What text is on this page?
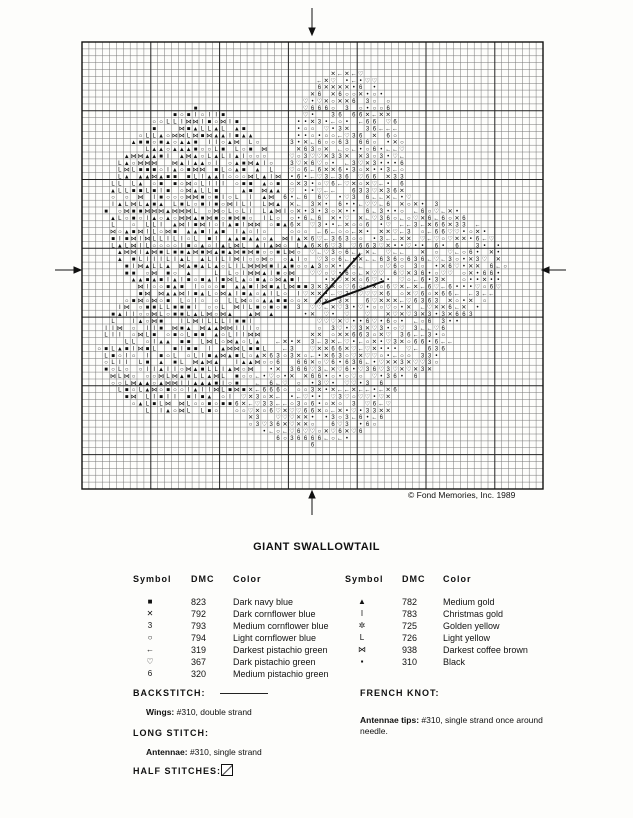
✕ ← ✕ ← ♡
← ✕ ♡ • ← • ♡ ♡
6 ✕ ✕ ✕ ✕ • 6 •
✕ 6 ✕ 6 ○ ○ ✕ • ○ •
♡ • ♡ ✕ ○ ✕ ✕ 6 3 ○ ○
■	♡ 6 6 6 ○ 3 ○ • ○ ○ 6
■ ○ ■ I ○ I I ■	♡ •	3 6 6 6 ✕ ← ✕ ✕
○ ○ L L I ⋈ ⋈ I ■ ○ ⋈ I ■	• • ✕ 3 • ← ○ • ← 6 6 ♡ 6
■	⋈ ■ ▲ L L ▲ L ▲ ■	• ○ ○ ♡ • 3 ✕	3 6 ← ← ←
○ L L ▲ ○ ⋈ ⋈ L ⋈ ■ ⋈ ▲ ▲ I ■ ▲ ▲	• • ○ • ○ ○ ← ♡ 3 6 ✕ 6 ○
▲ ■ ■ ○ ■ ▲ ○ ▲ ▲ ■ I I ○ ▲ ⋈ L ○	3 • ✕ ← 6 ○ ○ 6 3 6 6 ○ • ✕ ○
L ▲ ▲ ○ ▲ ▲ ▲ ■ ○ ○ L ■ L ○ ■ ⋈	✕ 6 3 ○ ✕ ← ○ ← • ○ 6 • ← ← ♡
▲ ⋈ ⋈ ▲ ▲ ■ I ▲ ⋈ ▲ ○ L ▲ L I ▲ I ○ ○ ○	♡ ○ 3 ♡ ♡ ✕ 3 3 ✕ ✕ 3 ○ 3 • ♡ ←
L ▲ ○ ⋈ ⋈ ⋈ ⋈ ▲ I ▲ ▲ ○ I ○ ▲ ■ ⋈ ▲ I ○	3 ♡ ✕ 6 ♡ ○ • ← 3 ♡ ✕ 3 • • • 6
L ⋈ L ■ ■ ■ ○ I ▲ ○ ■ ⋈ ⋈ ■ L ○ ▲ ■ ▲ L	♡ ○ 6 ← 6 ✕ ✕ 6 • 3 ○ ✕ • • 3 ← ○
L ▲ ▲ ▲ ⋈ ▲ ■ ■ ■ L I ▲ ▲ I ○ ○ ○ ⋈ L ▲ I ⋈ • 6 • ← ♡ 3 ← 3 6 ♡ 6 6 ✕ 3 3
L L L ▲ ○ ■ ■ ○ ⋈ ○ L I I I ○ ■ ■ ▲ ○ ■ ○ ✕ 3 • ○ ♡ 6 ← ♡ ✕ ○ ✕ ♡ ← • 6
▲ L L ■ ■ L ■ I ■ ○ ⋈ ▲ L L ■	▲ ■ ⋈ ▲ ▲ ♡ • • ♡ ← ←	6 3 3 ♡ ✕ 3 6 ✕
○ ○ ⋈ I ■ ○ ○ ○ ⋈ ⋈ ■ ○ ■ I ○ L I ▲ ⋈ 6 • ← 6 6 ♡ • ♡ 3 6 ← ← ✕ ← • ♡
I ▲ L ⋈ L ▲ ■ ▲ L ■ L ○ ■ I ■ ○ ⋈ I L I L ⋈ ▲ ✕ ← 3 ✕ • 6 • • ← ♡ ♡ ← 6 ✕ ○ ✕ • 3
■ ○ ⋈ ■ ■ ⋈ ⋈ ⋈ ▲ ⋈ ⋈ ⋈ L ○ ⋈ ○ L ○ L I L ▲ ⋈ I ○ ✕ • 3 • 3 ○ ✕ • • 6 ← 3 • • ○ ← 6 ○ ♡ ← ✕ •
▲ L ○ ■ ○ I ▲ ○ ▲ ○ ⋈ ⋈ ▲ ■ ⋈ ■ ○ ■ ⋈ ■ ○ I L ○ ○ • 6 ← 6 ✕ • ♡ ✕ ← ♡ 3 6 ○ ← ○ ♡ ✕ 6 ← 6 ○ ✕ 6
L	○ L L I ▲ ⋈ I ■ ⋈ I ○ I ▲ ■ I ⋈ ⋈ ○ ■ ▲ 6 ✕ ♡ 3 • • ← ✕ ○ ○ 6 • ♡ ← ← 3 ← ✕ 6 6 ✕ 3 3 ←
⋈ ○ ▲ ■ ⋈ I L ○ ⋈ ■ ▲ ▲ ■ I ▲ ■ I ▲ ○ I ○	○ ○ ○ ← 6 ← ○ ○ ← ✕ • ✕ ✕ ♡ ← 3 ○ ← 6 6 ♡ ♡ • ○ ✕ •
■ I ■ ⋈ I ⋈ L L I L I ○ L ■ I ▲ ▲ ■ ▲ ▲ ○ ▲ ⋈ I ▲ ✕ 6 ♡ ← 3 6 3 ○ ○ • 3 ← ← ✕ ✕ ♡ ← ♡ ○ ♡ ✕ ✕ • 6 ← ♡
L ▲ L ⋈ I L ○ ○ ○ ○ I ■ ○ ▲ ○ I ▲ L ⋈ L ▲ I ▲ ⋈ ○ L ▲ 6 ✕ 6 ♡ 3 ♡ 6 6 3 ♡ ✕ • • ♡ • • 6 • 6	3 • •
▲ ⋈ ⋈ I ▲ ⋈ ■ L ■ ■ ▲ ⋈ ■ ⋈ ▲ ■ ▲ ⋈ ■ ⋈ ■ ○ ○ ■ L ⋈ ○ ♡ ← ♡ 3 ○ 6 ← ← ✕ ← ♡ ← ←	✕ ○ ♡ ← ○ 6 • ✕ •
▲ ■ L I I I L I ▲ L ▲ L I L I ⋈ I ○ ○ ⋈ ○ ○ ▲ I ○ ♡ 3 ○ 6 ← • ✕ ← ← 6 3 6 ○ 6 3 6 ← ♡ ← 3 ○ • ✕ 3 ♡ ✕
■ I ⋈ ▲ L L ▲ ⋈ ▲ ■ ▲ L ▲ ○ L I L ⋈ ⋈ ⋈ ■ I ▲ ■ ○ ○ ▲ 3 ○ ✕ • ○ ←	○ ♡ 6 ○ 3 ○ • ✕ 6 ♡ • ✕ ✕ 6 ← ○
■ ■ ○ ⋈ ■ ○ ▲	L L ○ I ⋈ ⋈ ▲ I ■ ○ ⋈ ♡ ♡ ○ ♡ • 6 ○ ← ✕ ♡ ♡ 6 ♡ ✕ 3 6 • ○ ♡ ♡ ○ ✕ • 6 6 •
▲ ▲ ■ ▲ ■ I ▲ I ■ ○ ■ ▲ I ■ ⋈ L ▲ ○ ■ ▲ ○ ⋈ ▲ ■ I	• ✕ ♡ ✕ ✕ ○ 6 ♡ • • ♡ ○ ← 6 • 3 ✕	○ • • ✕ • •
⋈ I ○ ○ ■ ▲ ■ I ○ ○ ○ ■ ▲ ▲ ■ I ⋈ ■ ▲ L ⋈ ■ ■ 3 ✕ 3 ✕ ○ ♡ 6 ○ • ✕ ○ 6 ♡ ✕ ← ✕ ← 6 ♡ ← 6 • • • ♡ ○ 6 ♡
■ ⋈ ⋈ ▲ ▲ ⋈ I ■ ▲ L ○ ⋈ ▲ I ■ ▲ ○ ▲ I L ○ I ♡ ✕ ✕ • ← ♡ 3 ♡ ♡ ♡ ♡ ✕ 6 ○ ✕ ♡ 6 ○ ✕ 6 6 ← ← 3 ← ←
○ ■ ⋈ ○ ⋈ ○ ■ L ○ I ○ ○ L L ⋈ ○ ○ ▲ ▲ ■ ■ ○ ○ ✕ 6 ✕ • 3 ✕	6 ♡ ✕ ✕ ✕ ← ♡ 6 3 6 3 ✕ ○ • ✕ ○
I ⋈ ○ ■ ■ L L ■ ■ ■ I ○ ○ L ⋈ I L ■ ○ ■ ○ ■ 3 ♡ ♡ ← ✕ ♡ 3 • ♡ • ○ ○ ♡ ○ • ✕ ← ♡ ✕ ✕ 6 ← ✕ •
■ ▲ I I ○ ○ ⋈ L ○ ■ ■ L ▲ L ⋈ ○ ⋈ ▲ ▲ ⋈ ▲	• ✕ ♡ • ♡	♡	✕ ♡ ✕ ♡ 3 ✕ 3 • 3 ✕ 6 6 3
L	I ▲ ○ ⋈ ■	I L ⋈ I L L L I ■ ■ I	♡ ♡ ♡ ✕ ♡ • • 6 ♡ • 6 ○ • ← ○ 6 3 • •
I I ⋈ ○ I I ■ ⋈ ■ ▲ ⋈ ▲ ▲ ⋈ ⋈ I I I ○	○ 3 ♡ • ♡ 3 ✕ ♡ 3 • ○ ♡ 3 ← ← ♡ 6
L I I ○ ⋈ L ■ ○ ■ ○ L ■ ■ ▲ ○ L I I ⋈ ⋈	✕ ✕ ○ ✕ ✕ 6 6 3 ○ ✕ ♡ 3 6 ← ← 3 • ○
L L ○ I ▲ ▲ ■ ■ L ⋈ L ○ ⋈ ▲ ○ L ▲ ← ✕ • ✕ 3 ← 3 ✕ ← ♡ • ← ○ ✕ • ♡ 3 ✕ ○ 6 6 • 6 ← ←
○ ■ L ▲ ■ I ⋈ ■ L	■ I ■ ■ I ▲ ⋈ ⋈ L ■ ■ L	← 3	♡ ✕ ✕ 6 6 ✕ ♡ ← ♡ ✕ • • • ♡ ← 6 3 6
L ■ ○ I ○ I ■ ○ L ○ L I ■ ▲ ⋈ ▲ ■ L ○ ▲ ✕ 6 3 ○ 3 ✕ ○ ← • ✕ 6 3 ○ ♡ ✕ ♡ ♡ ○ • ← ○ ○ 3 3 •
○ L I I L ■ ▲ ■ L ⋈ ▲ ⋈ ▲	I ▲ ▲ ⋈ ○ ○ 6	6 6 ✕ ○ ♡ 6 • 6 3 6 ← • ♡ ✕ ✕ 3 ✕ ♡ ♡ 3 ○
■ ○ L ○ ○ I I ▲ I I ○ ⋈ ▲ ■ L L I ▲ ⋈ ○ ⋈	• ✕ 3 6 6 ♡ 3 ← ✕ ♡ 6 • ♡ 3 6 ♡ 3 ♡ ✕ ♡ ✕ 3 ✕
⋈ L ⋈ ○ ○ ○ ⋈ L ⋈ ▲ ■ L L ▲ ⋈ L ■ ○ ○ ← • ♡ ○ • ✕ ✕ 6 6 • ○ • ○ ♡ ○ ♡ • 3 6 • 6
○ ○ L ⋈ ▲ ▲ ○ ▲ ⋈ ⋈ I I ▲ ▲ ▲ ■ I ○ ■	← 6 ← ♡ ○ • 3 ♡ • ♡ ♡ • 3 6
L ■ ○ L ▲ ⋈ ○ ■ ○ ○ I ▲ I I ⋈ L ■ ⋈ ■ ✕ ← 6 6 6 ○ ○ ○ 3 ✕ • ✕ ← ← ✕ ← ← • ← ✕ 6
■ ⋈ L I ■ I I ■ I ■ ▲ ○ I ♡ ✕ 3 ○ ✕ ← • ← ♡ • • ♡ 3 ♡ ○ ♡ ♡ • ♡ ✕
○ ▲ L ■ L ⋈ ⋈ L ○ ○ ■ ○ ■ ■ 6 ✕ ← ♡ 3 3 ← ← ○ 3 ○ 6 • ○ ✕ ○ 3 ♡ 6 ← ♡
L I ▲ ○ ⋈ L L ■ ○	○ ○ ♡ ✕ ○ 6 ♡ ✕ ♡ ♡ 6 6 ✕ ○ ← ✕ • ♡ • 3 3 ✕ ✕
✕ 3	♡ ♡ ♡ ✕ ✕ • • 3 ○ 3 ← 6 • ← 6
○ 3 ♡ 3 6 ✕ ♡ ✕ ✕ ○	6 ♡ 3 • 6 ○
• ← ○ ← ♡ 6 ♡ ♡ ○ ✕ ♡ 6 ✕ ♡ 6
6 ○ 3 6 6 6 6 ← ○ ← •
6
© Fond Memories, Inc. 1989
GIANT SWALLOWTAIL
Symbol DMC Color	Symbol DMC Color
■	823	Dark navy blue
✕	792	Dark cornflower blue
3	793	Medium cornflower blue
○	794	Light cornflower blue
←	319	Darkest pistachio green
♡	367	Dark pistachio green
6	320	Medium pistachio green
▲	782	Medium gold
I	783	Christmas gold
✲	725	Golden yellow
L	726	Light yellow
⋈	938	Darkest coffee brown
▪	310	Black
BACKSTITCH:
Wings: #310, double strand
FRENCH KNOT:
Antennae tips: #310, single strand once around needle.
LONG STITCH:
Antennae: #310, single strand
HALF STITCHES:
